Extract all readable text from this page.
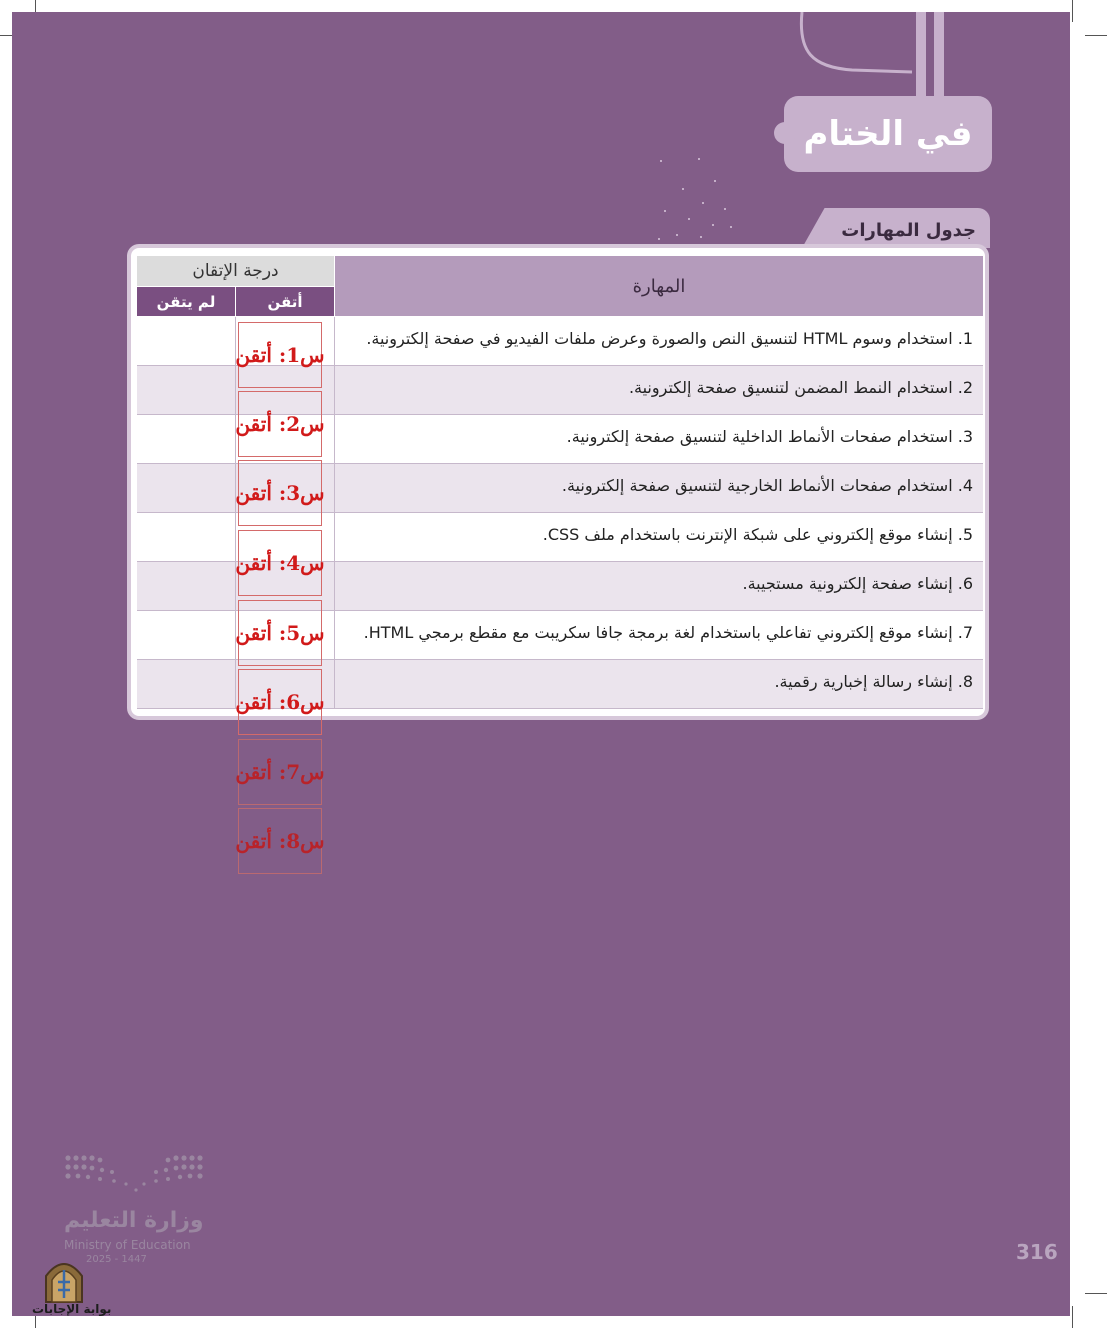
في الختام
جدول المهارات
المهارة
درجة الإتقان
أتقن
لم يتقن
1. استخدام وسوم HTML لتنسيق النص والصورة وعرض ملفات الفيديو في صفحة إلكترونية.
2. استخدام النمط المضمن لتنسيق صفحة إلكترونية.
3. استخدام صفحات الأنماط الداخلية لتنسيق صفحة إلكترونية.
4. استخدام صفحات الأنماط الخارجية لتنسيق صفحة إلكترونية.
5. إنشاء موقع إلكتروني على شبكة الإنترنت باستخدام ملف CSS.
6. إنشاء صفحة إلكترونية مستجيبة.
7. إنشاء موقع إلكتروني تفاعلي باستخدام لغة برمجة جافا سكريبت مع مقطع برمجي HTML.
8. إنشاء رسالة إخبارية رقمية.
س1: أتقن
س2: أتقن
س3: أتقن
س4: أتقن
س5: أتقن
س6: أتقن
س7: أتقن
س8: أتقن
316
وزارة التعليم
Ministry of Education
2025 - 1447
بوابة الإجابات
